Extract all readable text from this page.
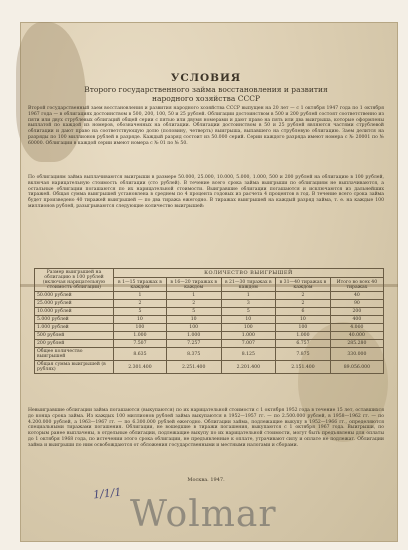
УСЛОВИЯ
Второго государственного займа восстановления и развития
народного хозяйства СССР
Второй государственный заем восстановления и развития народного хозяйства СССР выпущен на 20 лет — с 1 октября 1947 года по 1 октября 1967 года — в облигациях достоинством в 500, 200, 100, 50 и 25 рублей. Облигации достоинством в 500 и 200 рублей состоят соответственно из пяти или двух струблевых облигаций общей серии с пятью или двумя номерами и дают право на пять или два выигрыша, которые оформлены выплатой по каждой из номеров, обозначенных на облигации. Облигации достоинством в 50 и 25 рублей являются частями струблевой облигации и дают право на соответствующую долю (половину, четверть) выигрыша, выпавшего на струблевую облигацию. Заем делится на разряды по 100 миллионов рублей в разряде. Каждый разряд состоит из 50.000 серий. Серии каждого разряда имеют номера с № 20001 по № 60000. Облигации в каждой серии имеют номера с № 01 по № 50.
По облигациям займа выплачиваются выигрыши в размере 50.000, 25.000, 10.000, 5.000, 1.000, 500 и 200 рублей на облигацию в 100 рублей, включая нарицательную стоимость облигации (сто рублей). В течение всего срока займа выигрыши по облигациям не выплачиваются, а остальные облигации погашаются по их нарицательной стоимости. Выигравшие облигации погашаются и исключаются из дальнейших тиражей. Общая сумма выигрышей установлена в среднем по 4 процента годовых из расчета 4 процентов в год. В течение всего срока займа будет произведено 40 тиражей выигрышей — по два тиража ежегодно. В тиражах выигрышей на каждый разряд займа, т. е. на каждые 100 миллионов рублей, разыгрываются следующие количество выигрышей:
Размер выигрышей на облигацию в 100 рублей (включая нарицательную стоимость облигации)	КОЛИЧЕСТВО ВЫИГРЫШЕЙ				
	в 1—15 тиражах в каждом	в 16—20 тиражах в каждом	в 21—30 тиражах в каждом	в 31—40 тиражах в каждом	Итого во всех 40 тиражах
50.000 рублей	1	1	1	2	40
25.000 рублей	2	2	3	2	90
10.000 рублей	5	5	5	6	200
5.000 рублей	10	10	10	10	400
1.000 рублей	100	100	100	100	4.000
500 рублей	1.000	1.000	1.000	1.000	40.000
200 рублей	7.507	7.257	7.007	6.757	285.280
Общее количество выигрышей	8.635	8.375	8.125	7.875	330.000
Общая сумма выигрышей (в рублях)	2.301.400	2.251.400	2.201.400	2.151.400	89.056.000
Невыигравшие облигации займа погашаются (выкупаются) по их нарицательной стоимости с 1 октября 1952 года в течение 15 лет, оставшихся до конца срока займа. Из каждых 100 миллионов рублей займа выкупаются в 1952—1957 гг. — по 2.500.000 рублей, в 1958—1962 гг. — по 4.200.000 рублей, а 1963—1967 гг. — по 6.300.000 рублей ежегодно. Облигации займа, подлежащие выкупу в 1952—1966 гг., определяются специальными тиражами погашения. Облигации, не вошедшие в тиражи погашения, выкупаются с 1 октября 1967 года. Выигрыши, по которым ранее выплачены, в отдельные облигации, подлежащие выкупу по их нарицательной стоимости, могут быть предъявлены для оплаты до 1 октября 1968 года, по истечении этого срока облигации, не предъявленные к оплате, утрачивают силу и оплате не подлежат. Облигации займа и выигрыши по ним освобождаются от обложения государственными и местными налогами и сборами.
Москва. 1947.
1/1/1
Wolmar
